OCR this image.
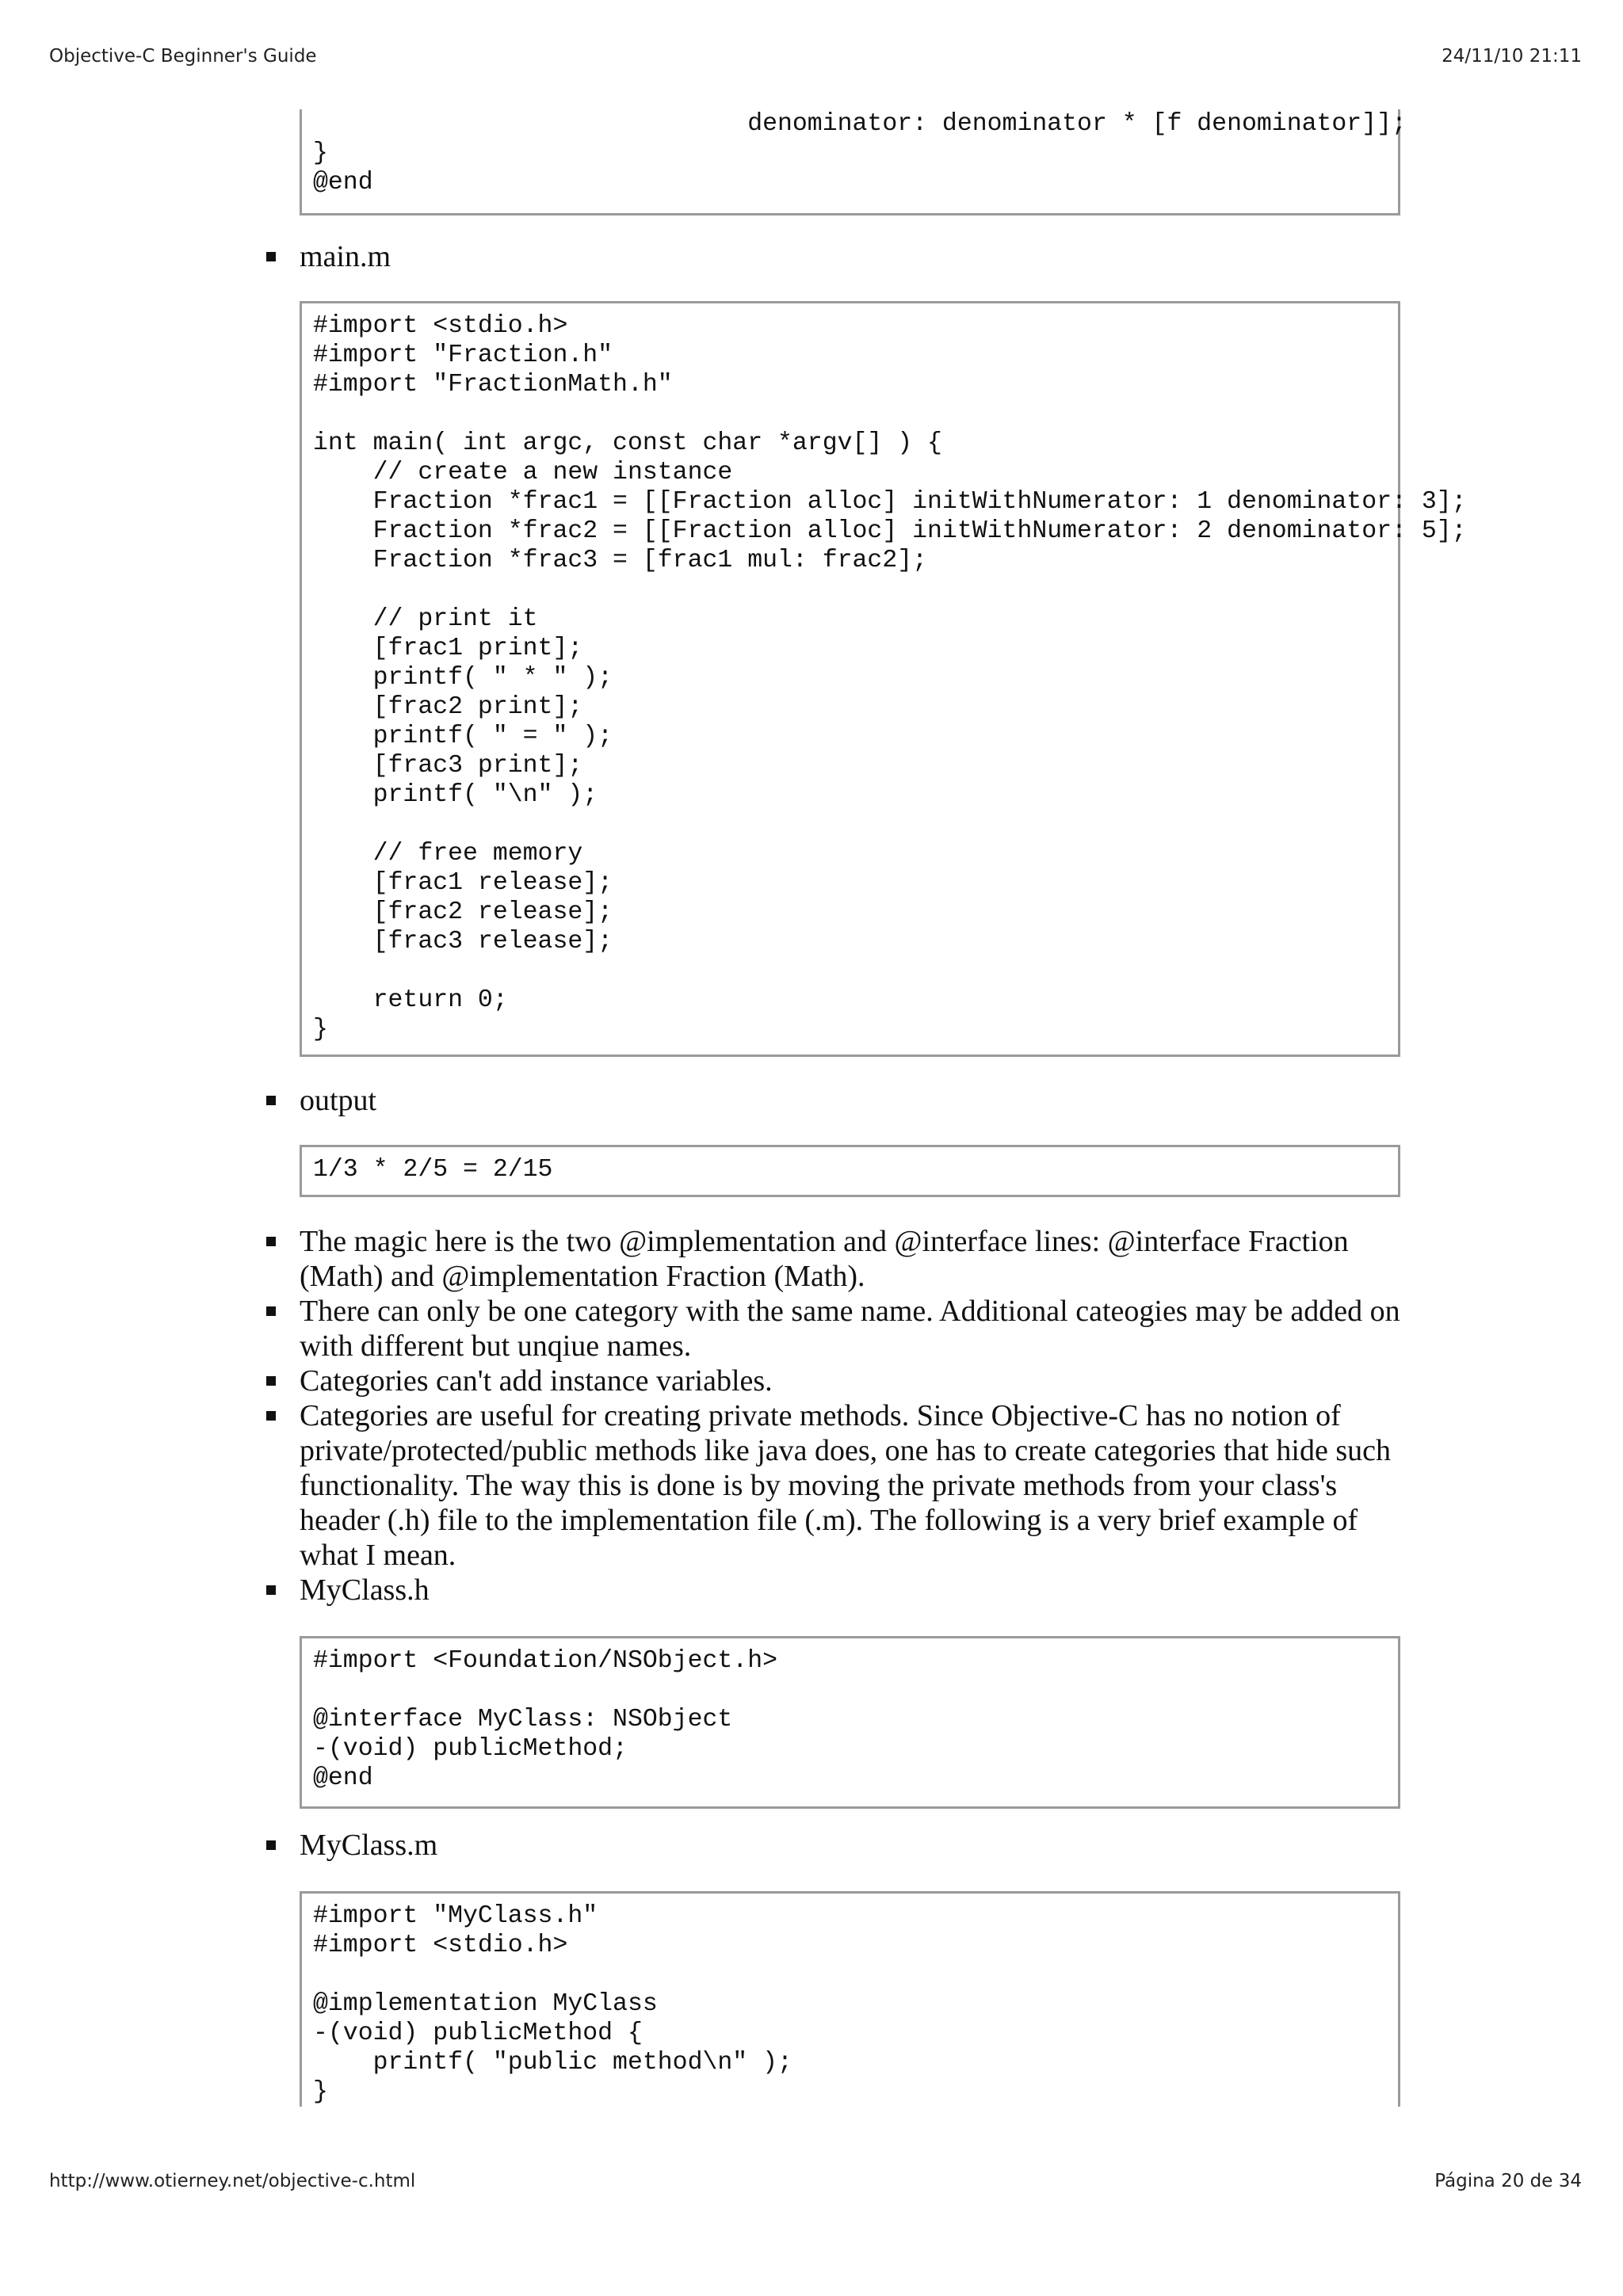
Objective-C Beginner's Guide	24/11/10 21:11
denominator: denominator * [f denominator]];
}
@end
main.m
#import <stdio.h>
#import "Fraction.h"
#import "FractionMath.h"

int main( int argc, const char *argv[] ) {
// create a new instance
Fraction *frac1 = [[Fraction alloc] initWithNumerator: 1 denominator: 3];
Fraction *frac2 = [[Fraction alloc] initWithNumerator: 2 denominator: 5];
Fraction *frac3 = [frac1 mul: frac2];

// print it
[frac1 print];
printf( " * " );
[frac2 print];
printf( " = " );
[frac3 print];
printf( "\n" );

// free memory
[frac1 release];
[frac2 release];
[frac3 release];

return 0;
}
output
1/3 * 2/5 = 2/15
The magic here is the two @implementation and @interface lines: @interface Fraction (Math) and @implementation Fraction (Math).
There can only be one category with the same name. Additional cateogies may be added on with different but unqiue names.
Categories can't add instance variables.
Categories are useful for creating private methods. Since Objective-C has no notion of private/protected/public methods like java does, one has to create categories that hide such functionality. The way this is done is by moving the private methods from your class's header (.h) file to the implementation file (.m). The following is a very brief example of what I mean.
MyClass.h
#import <Foundation/NSObject.h>

@interface MyClass: NSObject
-(void) publicMethod;
@end
MyClass.m
#import "MyClass.h"
#import <stdio.h>

@implementation MyClass
-(void) publicMethod {
printf( "public method\n" );
}
http://www.otierney.net/objective-c.html	Página 20 de 34
